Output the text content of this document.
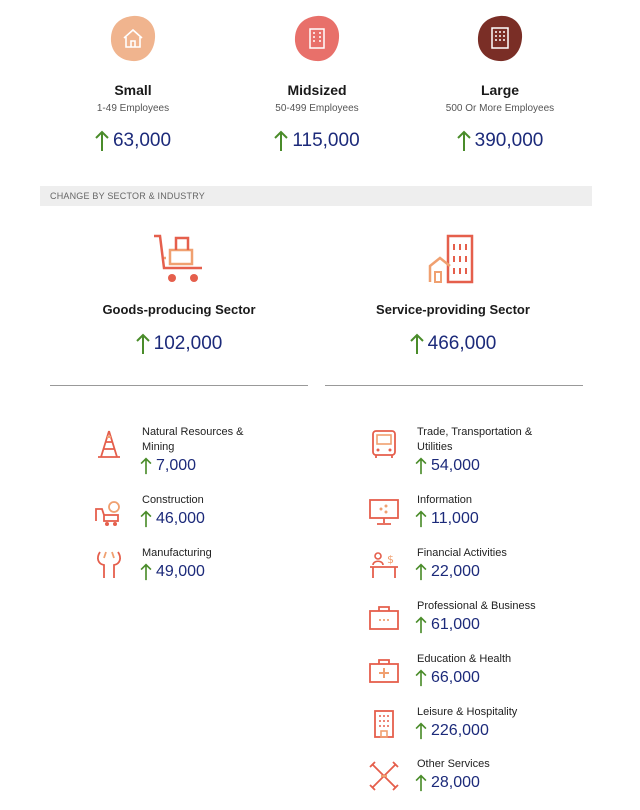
Small
1-49 Employees
63,000
Midsized
50-499 Employees
115,000
Large
500 Or More Employees
390,000
CHANGE BY SECTOR & INDUSTRY
Goods-producing Sector
102,000
Service-providing Sector
466,000
Natural Resources & Mining
7,000
Construction
46,000
Manufacturing
49,000
Trade, Transportation & Utilities
54,000
Information
11,000
$ Financial Activities
22,000
Professional & Business
61,000
Education & Health
66,000
Leisure & Hospitality
226,000
Other Services
28,000
